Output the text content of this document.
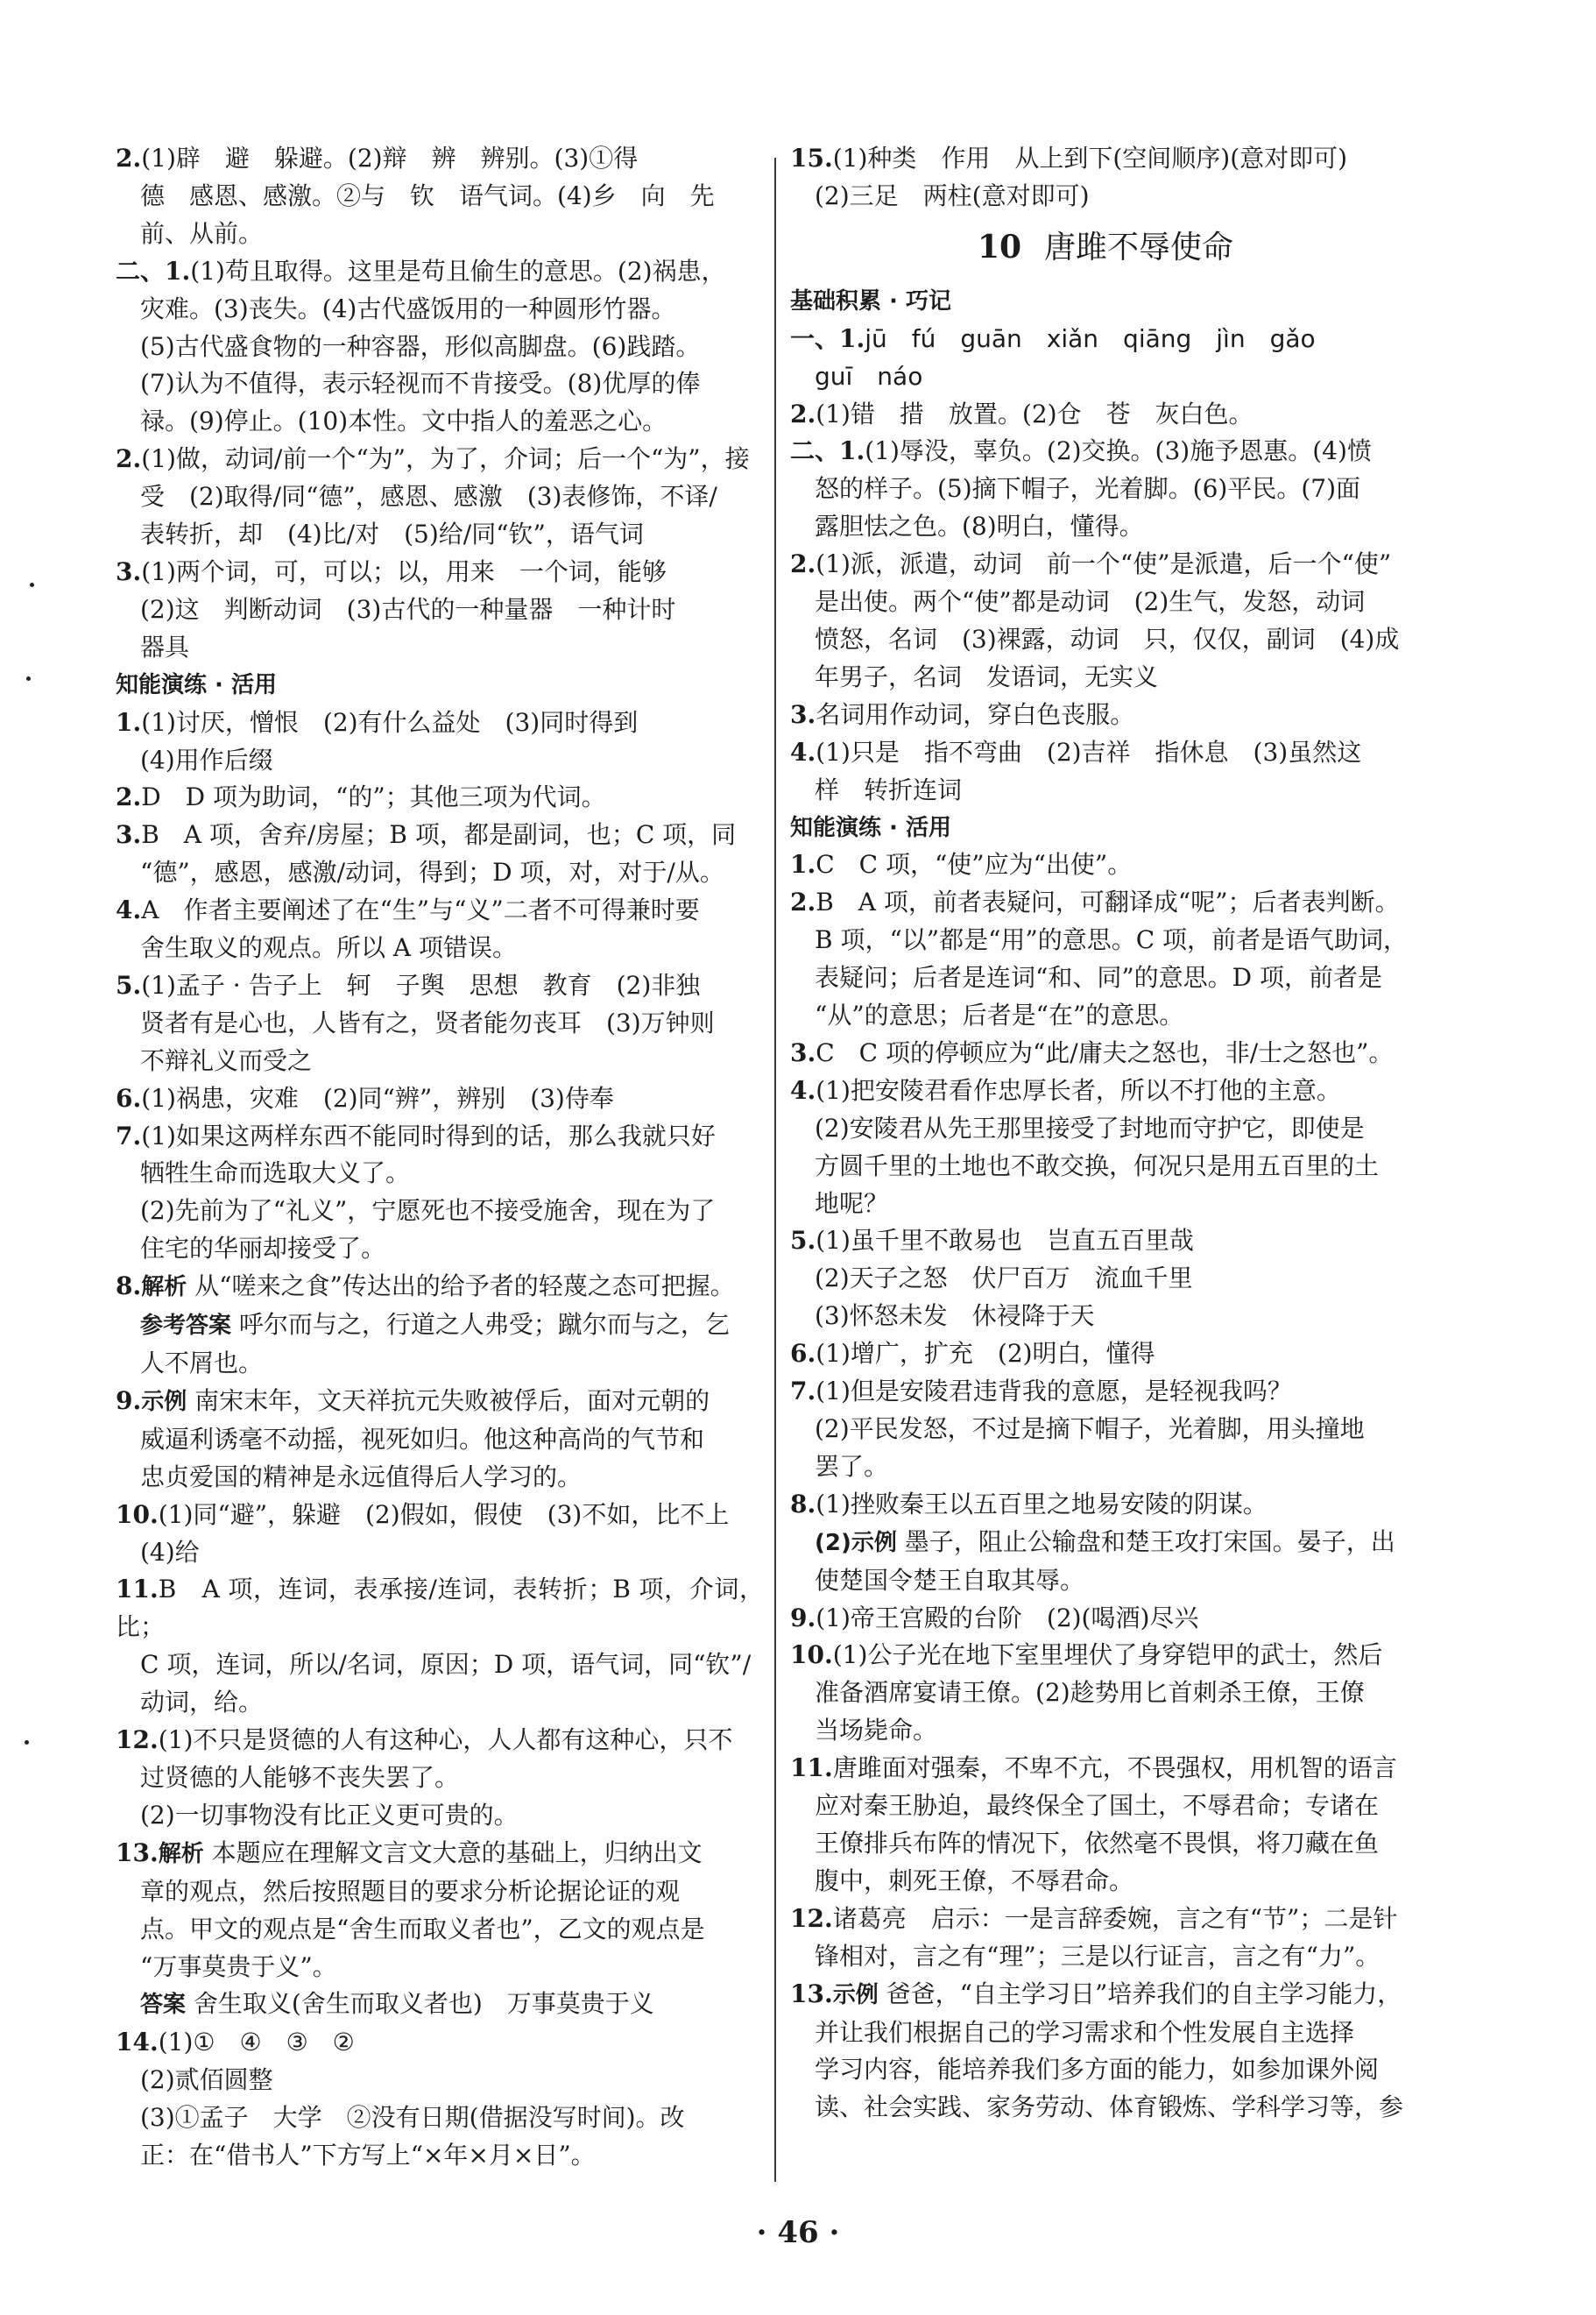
2.(1)辟　避　躲避。(2)辩　辨　辨别。(3)①得
德　感恩、感激。②与　钦　语气词。(4)乡　向　先
前、从前。
二、1.(1)苟且取得。这里是苟且偷生的意思。(2)祸患，
灾难。(3)丧失。(4)古代盛饭用的一种圆形竹器。
(5)古代盛食物的一种容器，形似高脚盘。(6)践踏。
(7)认为不值得，表示轻视而不肯接受。(8)优厚的俸
禄。(9)停止。(10)本性。文中指人的羞恶之心。
2.(1)做，动词/前一个“为”，为了，介词；后一个“为”，接
受　(2)取得/同“德”，感恩、感激　(3)表修饰，不译/
表转折，却　(4)比/对　(5)给/同“钦”，语气词
3.(1)两个词，可，可以；以，用来　一个词，能够
(2)这　判断动词　(3)古代的一种量器　一种计时
器具
知能演练 · 活用
1.(1)讨厌，憎恨　(2)有什么益处　(3)同时得到
(4)用作后缀
2.D　D 项为助词，“的”；其他三项为代词。
3.B　A 项，舍弃/房屋；B 项，都是副词，也；C 项，同
“德”，感恩，感激/动词，得到；D 项，对，对于/从。
4.A　作者主要阐述了在“生”与“义”二者不可得兼时要
舍生取义的观点。所以 A 项错误。
5.(1)孟子 · 告子上　轲　子舆　思想　教育　(2)非独
贤者有是心也，人皆有之，贤者能勿丧耳　(3)万钟则
不辩礼义而受之
6.(1)祸患，灾难　(2)同“辨”，辨别　(3)侍奉
7.(1)如果这两样东西不能同时得到的话，那么我就只好
牺牲生命而选取大义了。
(2)先前为了“礼义”，宁愿死也不接受施舍，现在为了
住宅的华丽却接受了。
8.解析 从“嗟来之食”传达出的给予者的轻蔑之态可把握。
参考答案 呼尔而与之，行道之人弗受；蹴尔而与之，乞
人不屑也。
9.示例 南宋末年，文天祥抗元失败被俘后，面对元朝的
威逼利诱毫不动摇，视死如归。他这种高尚的气节和
忠贞爱国的精神是永远值得后人学习的。
10.(1)同“避”，躲避　(2)假如，假使　(3)不如，比不上
(4)给
11.B　A 项，连词，表承接/连词，表转折；B 项，介词，比；
C 项，连词，所以/名词，原因；D 项，语气词，同“钦”/
动词，给。
12.(1)不只是贤德的人有这种心，人人都有这种心，只不
过贤德的人能够不丧失罢了。
(2)一切事物没有比正义更可贵的。
13.解析 本题应在理解文言文大意的基础上，归纳出文
章的观点，然后按照题目的要求分析论据论证的观
点。甲文的观点是“舍生而取义者也”，乙文的观点是
“万事莫贵于义”。
答案 舍生取义(舍生而取义者也)　万事莫贵于义
14.(1)①　④　③　②
(2)贰佰圆整
(3)①孟子　大学　②没有日期(借据没写时间)。改
正：在“借书人”下方写上“×年×月×日”。
15.(1)种类　作用　从上到下(空间顺序)(意对即可)
(2)三足　两柱(意对即可)
10 唐雎不辱使命
基础积累 · 巧记
一、1.jū　fú　guān　xiǎn　qiāng　jìn　gǎo
guī　náo
2.(1)错　措　放置。(2)仓　苍　灰白色。
二、1.(1)辱没，辜负。(2)交换。(3)施予恩惠。(4)愤
怒的样子。(5)摘下帽子，光着脚。(6)平民。(7)面
露胆怯之色。(8)明白，懂得。
2.(1)派，派遣，动词　前一个“使”是派遣，后一个“使”
是出使。两个“使”都是动词　(2)生气，发怒，动词
愤怒，名词　(3)裸露，动词　只，仅仅，副词　(4)成
年男子，名词　发语词，无实义
3.名词用作动词，穿白色丧服。
4.(1)只是　指不弯曲　(2)吉祥　指休息　(3)虽然这
样　转折连词
知能演练 · 活用
1.C　C 项，“使”应为“出使”。
2.B　A 项，前者表疑问，可翻译成“呢”；后者表判断。
B 项，“以”都是“用”的意思。C 项，前者是语气助词，
表疑问；后者是连词“和、同”的意思。D 项，前者是
“从”的意思；后者是“在”的意思。
3.C　C 项的停顿应为“此/庸夫之怒也，非/士之怒也”。
4.(1)把安陵君看作忠厚长者，所以不打他的主意。
(2)安陵君从先王那里接受了封地而守护它，即使是
方圆千里的土地也不敢交换，何况只是用五百里的土
地呢？
5.(1)虽千里不敢易也　岂直五百里哉
(2)天子之怒　伏尸百万　流血千里
(3)怀怒未发　休祲降于天
6.(1)增广，扩充　(2)明白，懂得
7.(1)但是安陵君违背我的意愿，是轻视我吗？
(2)平民发怒，不过是摘下帽子，光着脚，用头撞地
罢了。
8.(1)挫败秦王以五百里之地易安陵的阴谋。
(2)示例 墨子，阻止公输盘和楚王攻打宋国。晏子，出
使楚国令楚王自取其辱。
9.(1)帝王宫殿的台阶　(2)(喝酒)尽兴
10.(1)公子光在地下室里埋伏了身穿铠甲的武士，然后
准备酒席宴请王僚。(2)趁势用匕首刺杀王僚，王僚
当场毙命。
11.唐雎面对强秦，不卑不亢，不畏强权，用机智的语言
应对秦王胁迫，最终保全了国土，不辱君命；专诸在
王僚排兵布阵的情况下，依然毫不畏惧，将刀藏在鱼
腹中，刺死王僚，不辱君命。
12.诸葛亮　启示：一是言辞委婉，言之有“节”；二是针
锋相对，言之有“理”；三是以行证言，言之有“力”。
13.示例 爸爸，“自主学习日”培养我们的自主学习能力，
并让我们根据自己的学习需求和个性发展自主选择
学习内容，能培养我们多方面的能力，如参加课外阅
读、社会实践、家务劳动、体育锻炼、学科学习等，参
· 46 ·
